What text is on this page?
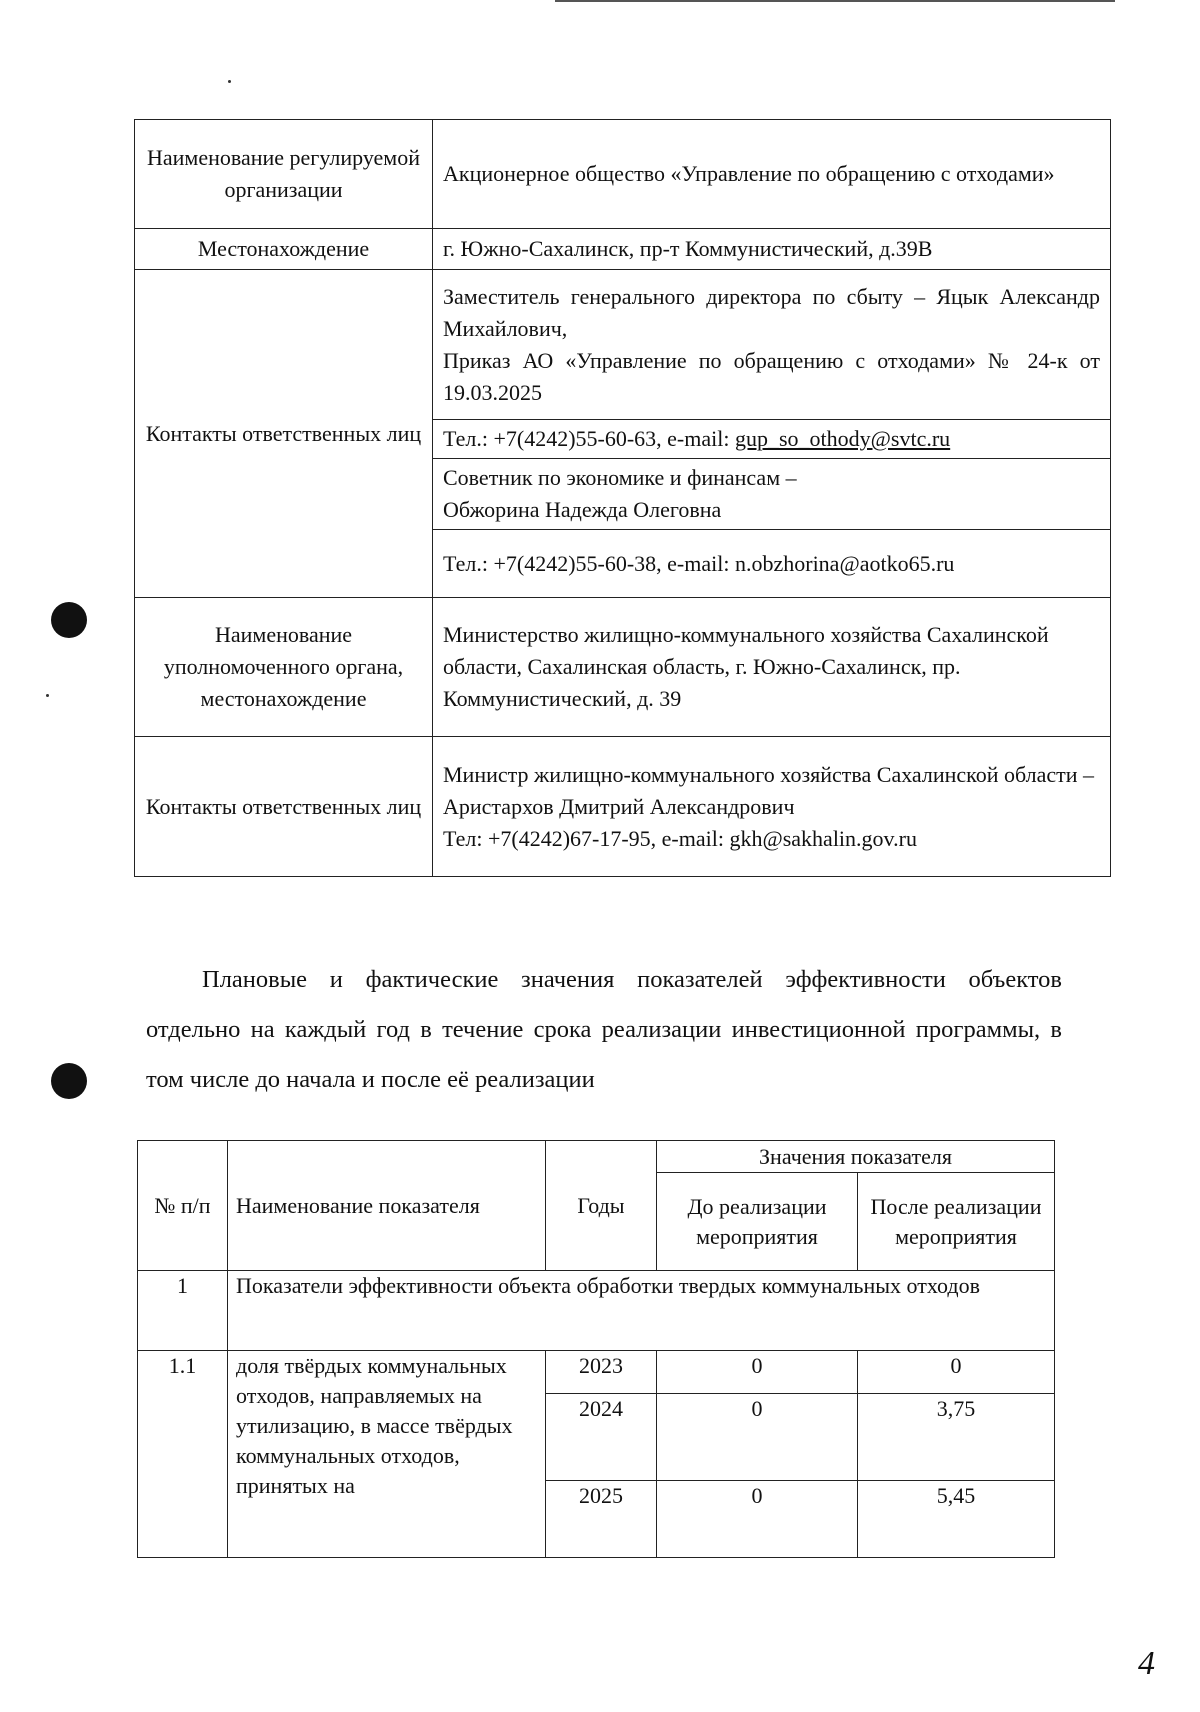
Наименование регулируемой организации	Акционерное общество «Управление по обращению с отходами»
Местонахождение	г. Южно-Сахалинск, пр-т Коммунистический, д.39В
Контакты ответственных лиц	Заместитель генерального директора по сбыту – Яцык Александр Михайлович,
Приказ АО «Управление по обращению с отходами» № 24-к от 19.03.2025

	Тел.: +7(4242)55-60-63, e-mail: gup_so_othody@svtc.ru

	Советник по экономике и финансам –
Обжорина Надежда Олеговна

	Тел.: +7(4242)55-60-38, e-mail: n.obzhorina@aotko65.ru
Наименование уполномоченного органа, местонахождение	Министерство жилищно-коммунального хозяйства Сахалинской области, Сахалинская область, г. Южно-Сахалинск, пр. Коммунистический, д. 39
Контакты ответственных лиц	Министр жилищно-коммунального хозяйства Сахалинской области – Аристархов Дмитрий Александрович
Тел: +7(4242)67-17-95, e-mail: gkh@sakhalin.gov.ru

Плановые и фактические значения показателей эффективности объектов отдельно на каждый год в течение срока реализации инвестиционной программы, в том числе до начала и после её реализации

№ п/п	Наименование показателя	Годы	Значения показателя	
			До реализации мероприятия	После реализации мероприятия
1	Показатели эффективности объекта обработки твердых коммунальных отходов			
1.1	доля твёрдых коммунальных отходов, направляемых на утилизацию, в массе твёрдых коммунальных отходов, принятых на	2023	0	0
		2024	0	3,75
		2025	0	5,45
4
